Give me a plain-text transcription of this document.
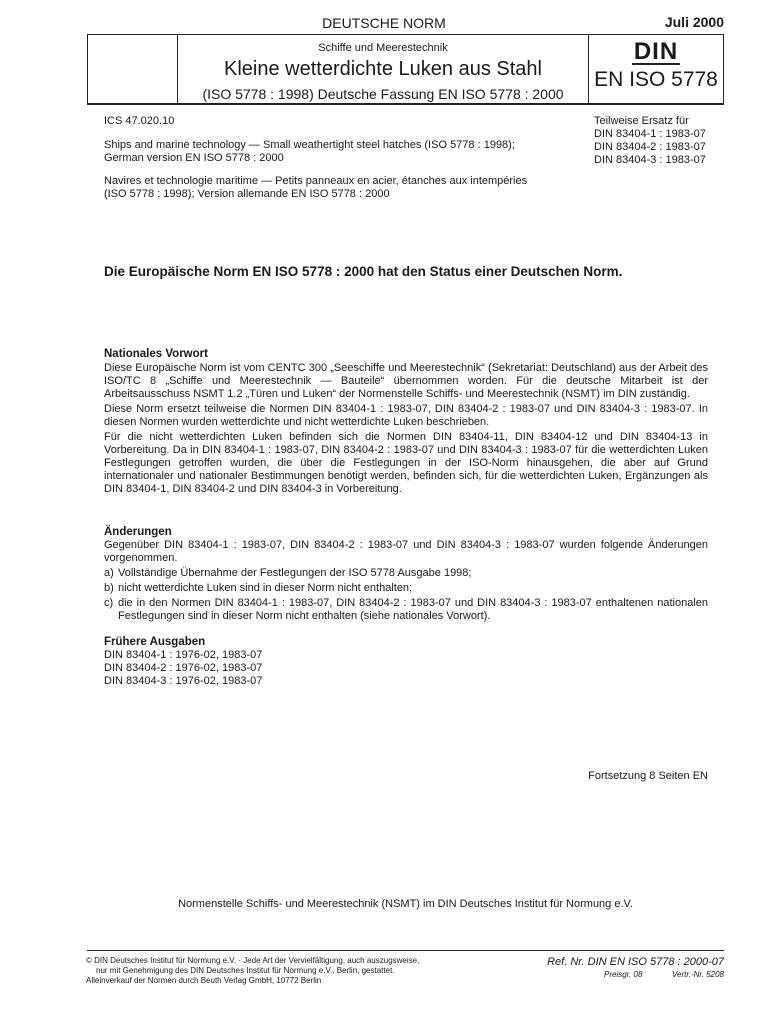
DEUTSCHE NORM	Juli 2000
Schiffe und Meerestechnik
Kleine wetterdichte Luken aus Stahl
(ISO 5778 : 1998) Deutsche Fassung EN ISO 5778 : 2000
DIN
EN ISO 5778
ICS 47.020.10
Ships and marine technology — Small weathertight steel hatches (ISO 5778 : 1998);
German version EN ISO 5778 : 2000
Navires et technologie maritime — Petits panneaux en acier, étanches aux intempéries
(ISO 5778 : 1998); Version allemande EN ISO 5778 : 2000
Teilweise Ersatz für
DIN 83404-1 : 1983-07
DIN 83404-2 : 1983-07
DIN 83404-3 : 1983-07
Die Europäische Norm EN ISO 5778 : 2000 hat den Status einer Deutschen Norm.
Nationales Vorwort
Diese Europäische Norm ist vom CENTC 300 „Seeschiffe und Meerestechnik“ (Sekretariat: Deutschland) aus der Arbeit des ISO/TC 8 „Schiffe und Meerestechnik — Bauteile“ übernommen worden. Für die deutsche Mitarbeit ist der Arbeitsausschuss NSMT 1.2 „Türen und Luken“ der Normenstelle Schiffs- und Meerestechnik (NSMT) im DIN zuständig.
Diese Norm ersetzt teilweise die Normen DIN 83404-1 : 1983-07, DIN 83404-2 : 1983-07 und DIN 83404-3 : 1983-07. In diesen Normen wurden wetterdichte und nicht wetterdichte Luken beschrieben.
Für die nicht wetterdichten Luken befinden sich die Normen DIN 83404-11, DIN 83404-12 und DIN 83404-13 in Vorbereitung. Da in DIN 83404-1 : 1983-07, DIN 83404-2 : 1983-07 und DIN 83404-3 : 1983-07 für die wetterdichten Luken Festlegungen getroffen wurden, die über die Festlegungen in der ISO-Norm hinausgehen, die aber auf Grund internationaler und nationaler Bestimmungen benötigt werden, befinden sich, für die wetterdichten Luken, Ergänzungen als DIN 83404-1, DIN 83404-2 und DIN 83404-3 in Vorbereitung.
Änderungen
Gegenüber DIN 83404-1 : 1983-07, DIN 83404-2 : 1983-07 und DIN 83404-3 : 1983-07 wurden folgende Änderungen vorgenommen.
a) Vollständige Übernahme der Festlegungen der ISO 5778 Ausgabe 1998;
b) nicht wetterdichte Luken sind in dieser Norm nicht enthalten;
c) die in den Normen DIN 83404-1 : 1983-07, DIN 83404-2 : 1983-07 und DIN 83404-3 : 1983-07 enthaltenen nationalen Festlegungen sind in dieser Norm nicht enthalten (siehe nationales Vorwort).
Frühere Ausgaben
DIN 83404-1 : 1976-02, 1983-07
DIN 83404-2 : 1976-02, 1983-07
DIN 83404-3 : 1976-02, 1983-07
Fortsetzung 8 Seiten EN
Normenstelle Schiffs- und Meerestechnik (NSMT) im DIN Deutsches Institut für Normung e.V.
© DIN Deutsches Institut für Normung e.V. · Jede Art der Vervielfältigung, auch auszugsweise,
nur mit Genehmigung des DIN Deutsches Institut für Normung e.V., Berlin, gestattet.
Alleinverkauf der Normen durch Beuth Verlag GmbH, 10772 Berlin
Ref. Nr. DIN EN ISO 5778 : 2000-07
Preisgr. 08	Vertr.-Nr. 5208
